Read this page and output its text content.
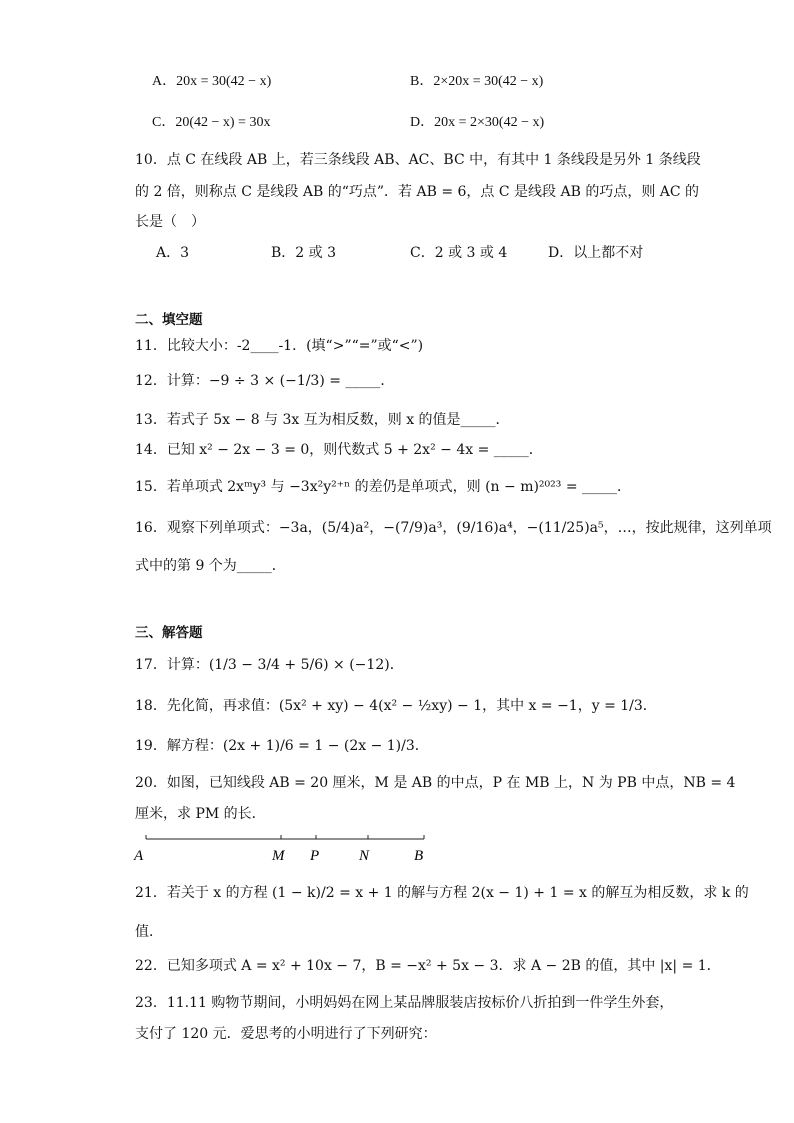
A．20x = 30(42 − x)	B．2×20x = 30(42 − x)
C．20(42 − x) = 30x	D．20x = 2×30(42 − x)
10．点 C 在线段 AB 上，若三条线段 AB、AC、BC 中，有其中 1 条线段是另外 1 条线段
的 2 倍，则称点 C 是线段 AB 的“巧点”．若 AB = 6，点 C 是线段 AB 的巧点，则 AC 的
长是（　）
A．3	B．2 或 3	C．2 或 3 或 4	D．以上都不对
二、填空题
11．比较大小：-2____-1．(填“>”“=”或“<”)
12．计算：−9 ÷ 3 × (−1/3) = _____．
13．若式子 5x − 8 与 3x 互为相反数，则 x 的值是_____．
14．已知 x² − 2x − 3 = 0，则代数式 5 + 2x² − 4x = _____．
15．若单项式 2xᵐy³ 与 −3x²y²⁺ⁿ 的差仍是单项式，则 (n − m)²⁰²³ = _____．
16．观察下列单项式：−3a，(5/4)a²，−(7/9)a³，(9/16)a⁴，−(11/25)a⁵，…，按此规律，这列单项
式中的第 9 个为_____．
三、解答题
17．计算：(1/3 − 3/4 + 5/6) × (−12)．
18．先化简，再求值：(5x² + xy) − 4(x² − ½xy) − 1，其中 x = −1，y = 1/3．
19．解方程：(2x + 1)/6 = 1 − (2x − 1)/3．
20．如图，已知线段 AB = 20 厘米，M 是 AB 的中点，P 在 MB 上，N 为 PB 中点，NB = 4
厘米，求 PM 的长．
A	M P	N	B
21．若关于 x 的方程 (1 − k)/2 = x + 1 的解与方程 2(x − 1) + 1 = x 的解互为相反数，求 k 的
值．
22．已知多项式 A = x² + 10x − 7，B = −x² + 5x − 3．求 A − 2B 的值，其中 |x| = 1．
23．11.11 购物节期间，小明妈妈在网上某品牌服装店按标价八折拍到一件学生外套，
支付了 120 元．爱思考的小明进行了下列研究：
